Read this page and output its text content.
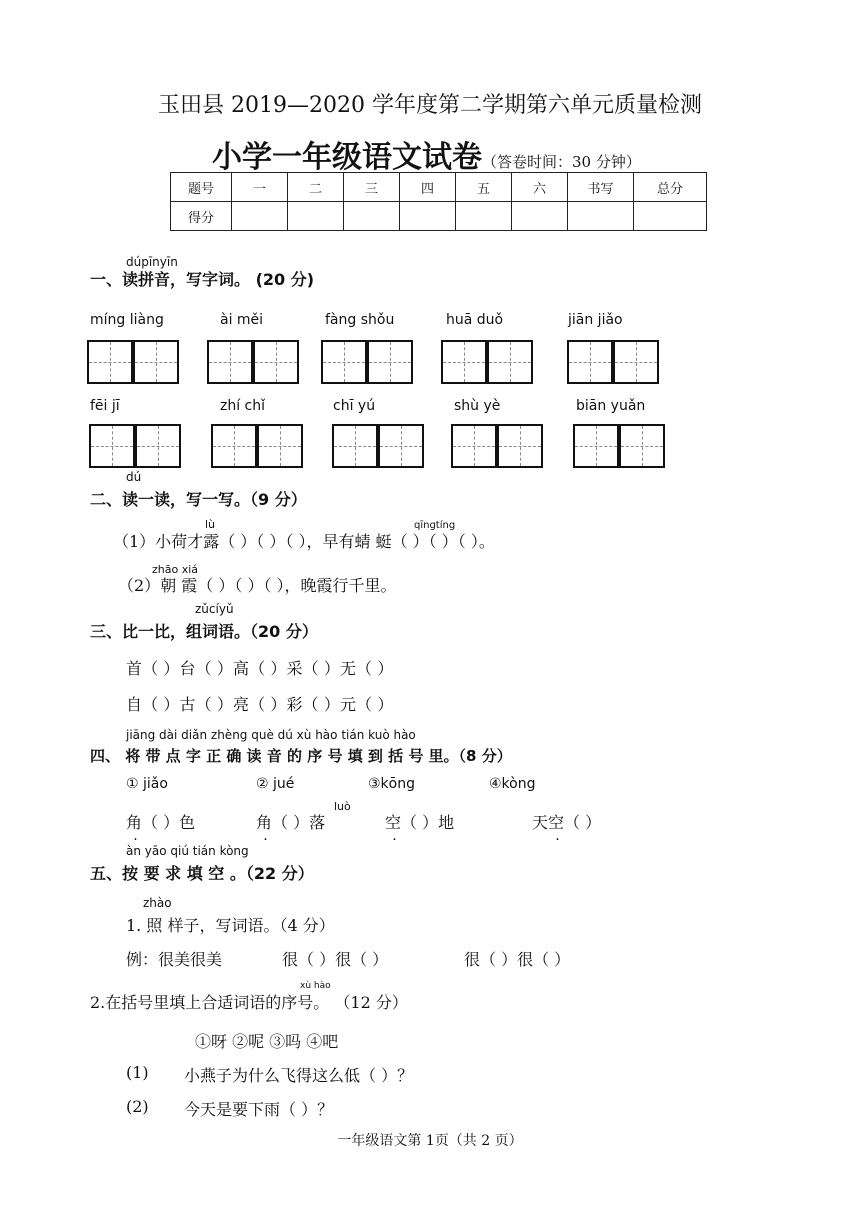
玉田县 2019—2020 学年度第二学期第六单元质量检测
小学一年级语文试卷（答卷时间：30 分钟）
题号	一	二	三	四	五	六	书写	总分
得分								
dúpīnyīn
一、读拼音，写字词。 (20 分)
míng liàng	ài měi	fàng shǒu	huā duǒ	jiān jiǎo
fēi jī	zhí chǐ	chī yú	shù yè	biān yuǎn
dú
二、读一读，写一写。（9 分）
lù	qīngtíng
（1）小荷才露（ ）（ ）（ ），早有蜻 蜓（ ）（ ）（ ）。
zhāo xiá
（2）朝 霞（ ）（ ）（ ），晚霞行千里。
zǔcíyǔ
三、比一比，组词语。（20 分）
首（ ）台（ ）高（ ）采（ ）无（ ）
自（ ）古（ ）亮（ ）彩（ ）元（ ）
jiāng dài diǎn zhèng què dú xù hào tián kuò hào
四、 将 带 点 字 正 确 读 音 的 序 号 填 到 括 号 里。（8 分）
① jiǎo	② jué	③kōng	④kòng
luò
角（ ）色	角（ ）落	空（ ）地	天空（ ）
àn yāo qiú tián kòng
五、按 要 求 填 空 。（22 分）
zhào
1. 照 样子，写词语。（4 分）
例：很美很美	很（ ）很（ ）	很（ ）很（ ）
xù hào
2.在括号里填上合适词语的序号。 （12 分）
①呀 ②呢 ③吗 ④吧
(1) 小燕子为什么飞得这么低（ ）？
(2) 今天是要下雨（ ）？
一年级语文第 1页（共 2 页）
